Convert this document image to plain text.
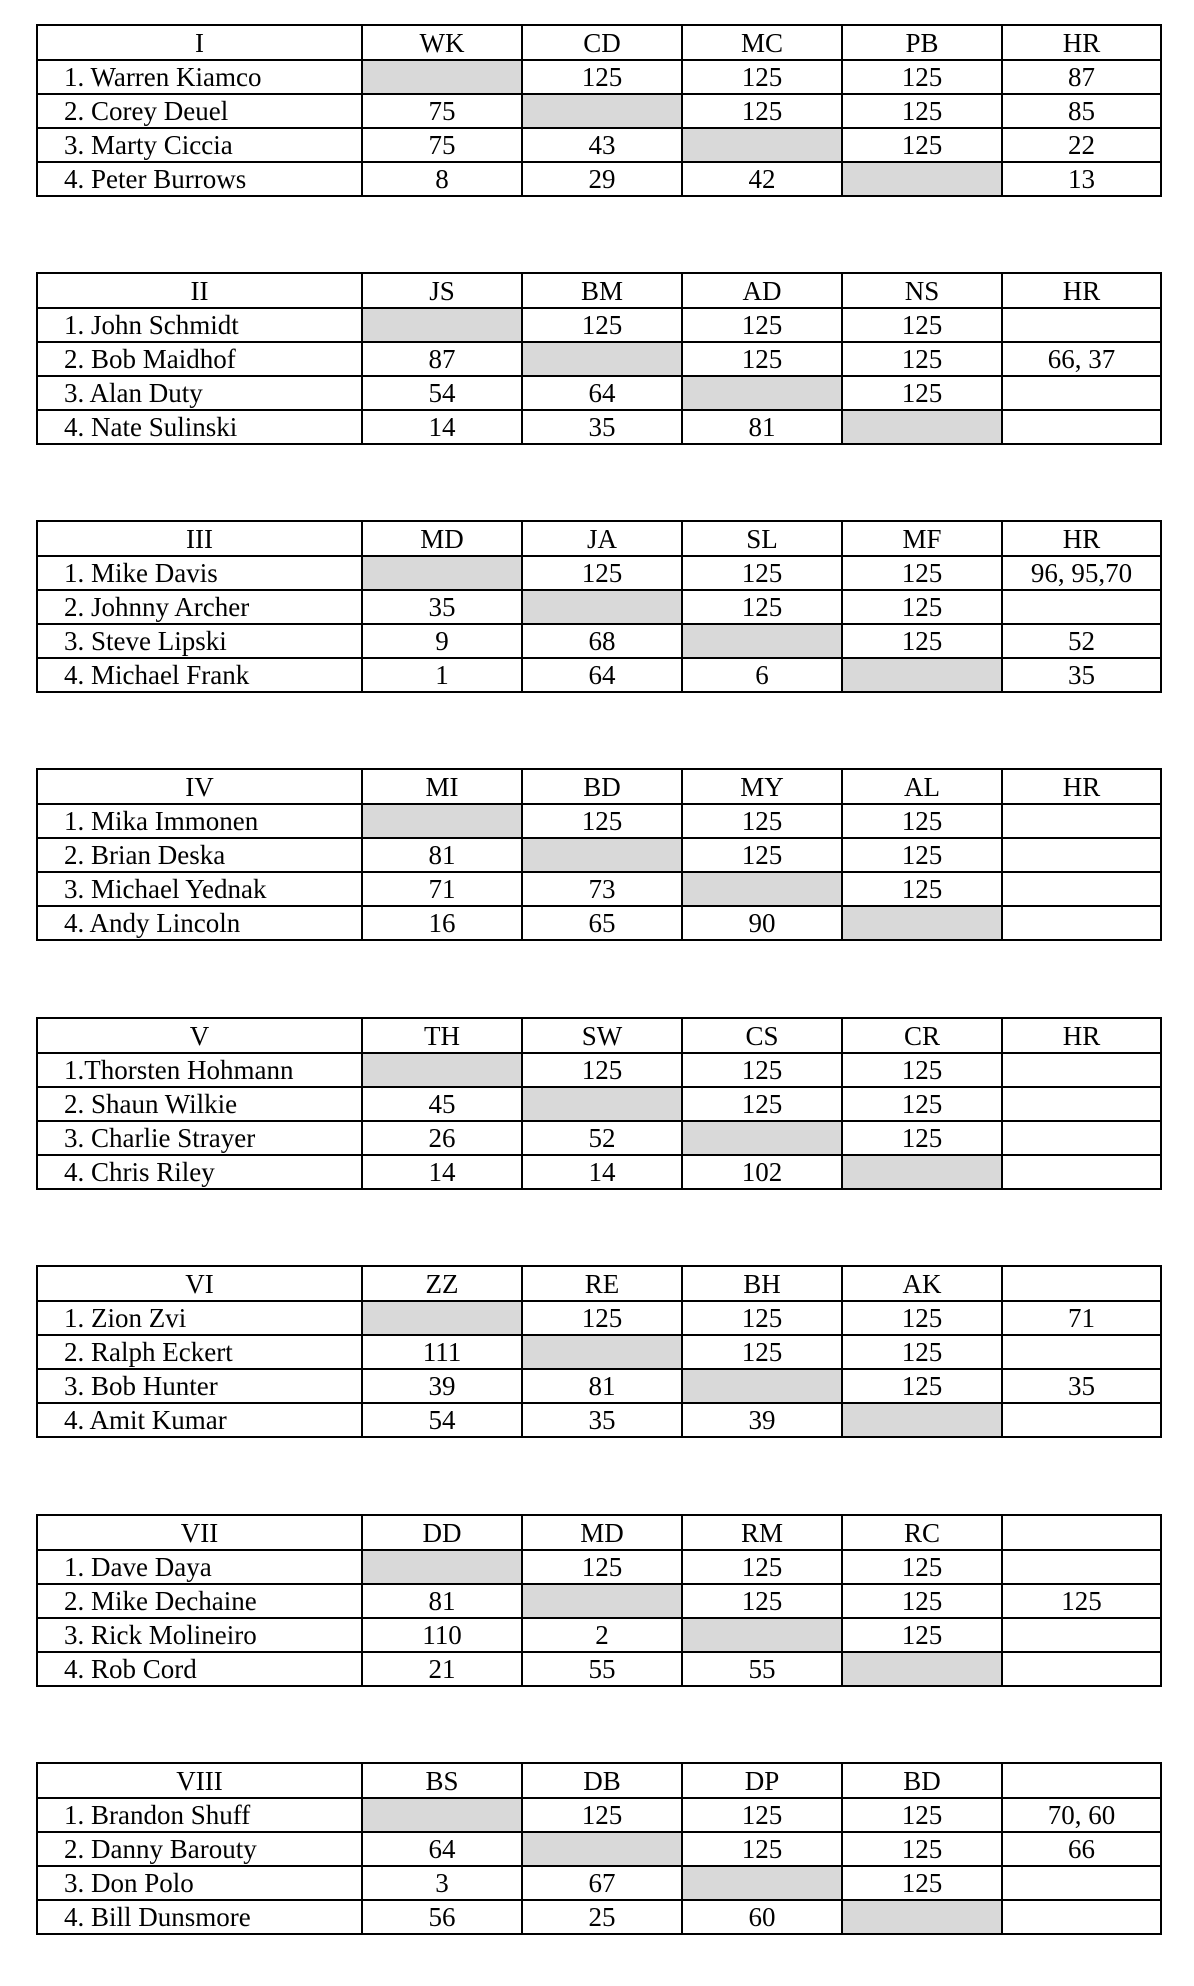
I	WK	CD	MC	PB	HR
1. Warren Kiamco		125	125	125	87
2. Corey Deuel	75		125	125	85
3. Marty Ciccia	75	43		125	22
4. Peter Burrows	8	29	42		13
II	JS	BM	AD	NS	HR
1. John Schmidt		125	125	125	
2. Bob Maidhof	87		125	125	66, 37
3. Alan Duty	54	64		125	
4. Nate Sulinski	14	35	81		
III	MD	JA	SL	MF	HR
1. Mike Davis		125	125	125	96, 95,70
2. Johnny Archer	35		125	125	
3. Steve Lipski	9	68		125	52
4. Michael Frank	1	64	6		35
IV	MI	BD	MY	AL	HR
1. Mika Immonen		125	125	125	
2. Brian Deska	81		125	125	
3. Michael Yednak	71	73		125	
4. Andy Lincoln	16	65	90		
V	TH	SW	CS	CR	HR
1.Thorsten Hohmann		125	125	125	
2. Shaun Wilkie	45		125	125	
3. Charlie Strayer	26	52		125	
4. Chris Riley	14	14	102		
VI	ZZ	RE	BH	AK	
1. Zion Zvi		125	125	125	71
2. Ralph Eckert	111		125	125	
3. Bob Hunter	39	81		125	35
4. Amit Kumar	54	35	39		
VII	DD	MD	RM	RC	
1. Dave Daya		125	125	125	
2. Mike Dechaine	81		125	125	125
3. Rick Molineiro	110	2		125	
4. Rob Cord	21	55	55		
VIII	BS	DB	DP	BD	
1. Brandon Shuff		125	125	125	70, 60
2. Danny Barouty	64		125	125	66
3. Don Polo	3	67		125	
4. Bill Dunsmore	56	25	60		
